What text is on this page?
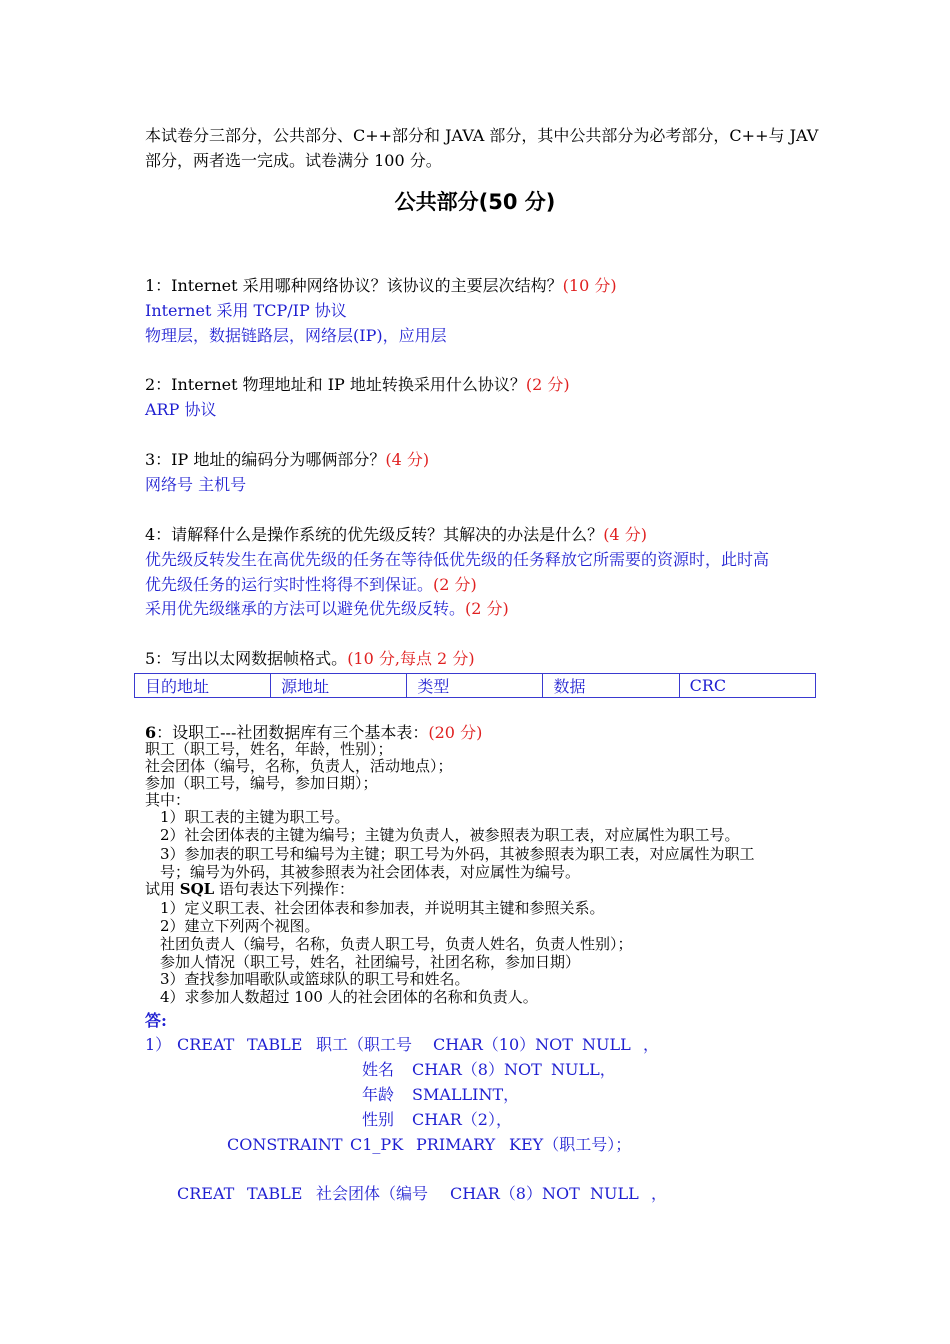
本试卷分三部分，公共部分、C++部分和 JAVA 部分，其中公共部分为必考部分，C++与 JAV
部分，两者选一完成。试卷满分 100 分。
公共部分(50 分)
1：Internet 采用哪种网络协议？该协议的主要层次结构？(10 分)
Internet 采用 TCP/IP 协议
物理层，数据链路层，网络层(IP)，应用层
2：Internet 物理地址和 IP 地址转换采用什么协议？(2 分)
ARP 协议
3：IP 地址的编码分为哪俩部分？(4 分)
网络号 主机号
4：请解释什么是操作系统的优先级反转？其解决的办法是什么？(4 分)
优先级反转发生在高优先级的任务在等待低优先级的任务释放它所需要的资源时，此时高
优先级任务的运行实时性将得不到保证。(2 分)
采用优先级继承的方法可以避免优先级反转。(2 分)
5：写出以太网数据帧格式。(10 分,每点 2 分)
目的地址	源地址	类型	数据	CRC
6：设职工---社团数据库有三个基本表：(20 分)
职工（职工号，姓名，年龄，性别）；
社会团体（编号，名称，负责人，活动地点）；
参加（职工号，编号，参加日期）；
其中：
1）职工表的主键为职工号。
2）社会团体表的主键为编号；主键为负责人，被参照表为职工表，对应属性为职工号。
3）参加表的职工号和编号为主键；职工号为外码，其被参照表为职工表，对应属性为职工
号；编号为外码，其被参照表为社会团体表，对应属性为编号。
试用 SQL 语句表达下列操作：
1）定义职工表、社会团体表和参加表，并说明其主键和参照关系。
2）建立下列两个视图。
社团负责人（编号，名称，负责人职工号，负责人姓名，负责人性别）；
参加人情况（职工号，姓名，社团编号，社团名称，参加日期）
3）查找参加唱歌队或篮球队的职工号和姓名。
4）求参加人数超过 100 人的社会团体的名称和负责人。
答:
1） CREAT TABLE 职工（职工号 CHAR（10）NOT NULL ，
姓名 CHAR（8）NOT NULL，
年龄 SMALLINT，
性别 CHAR（2），
CONSTRAINT C1_PK PRIMARY KEY（职工号）；
CREAT TABLE 社会团体（编号 CHAR（8）NOT NULL ，
